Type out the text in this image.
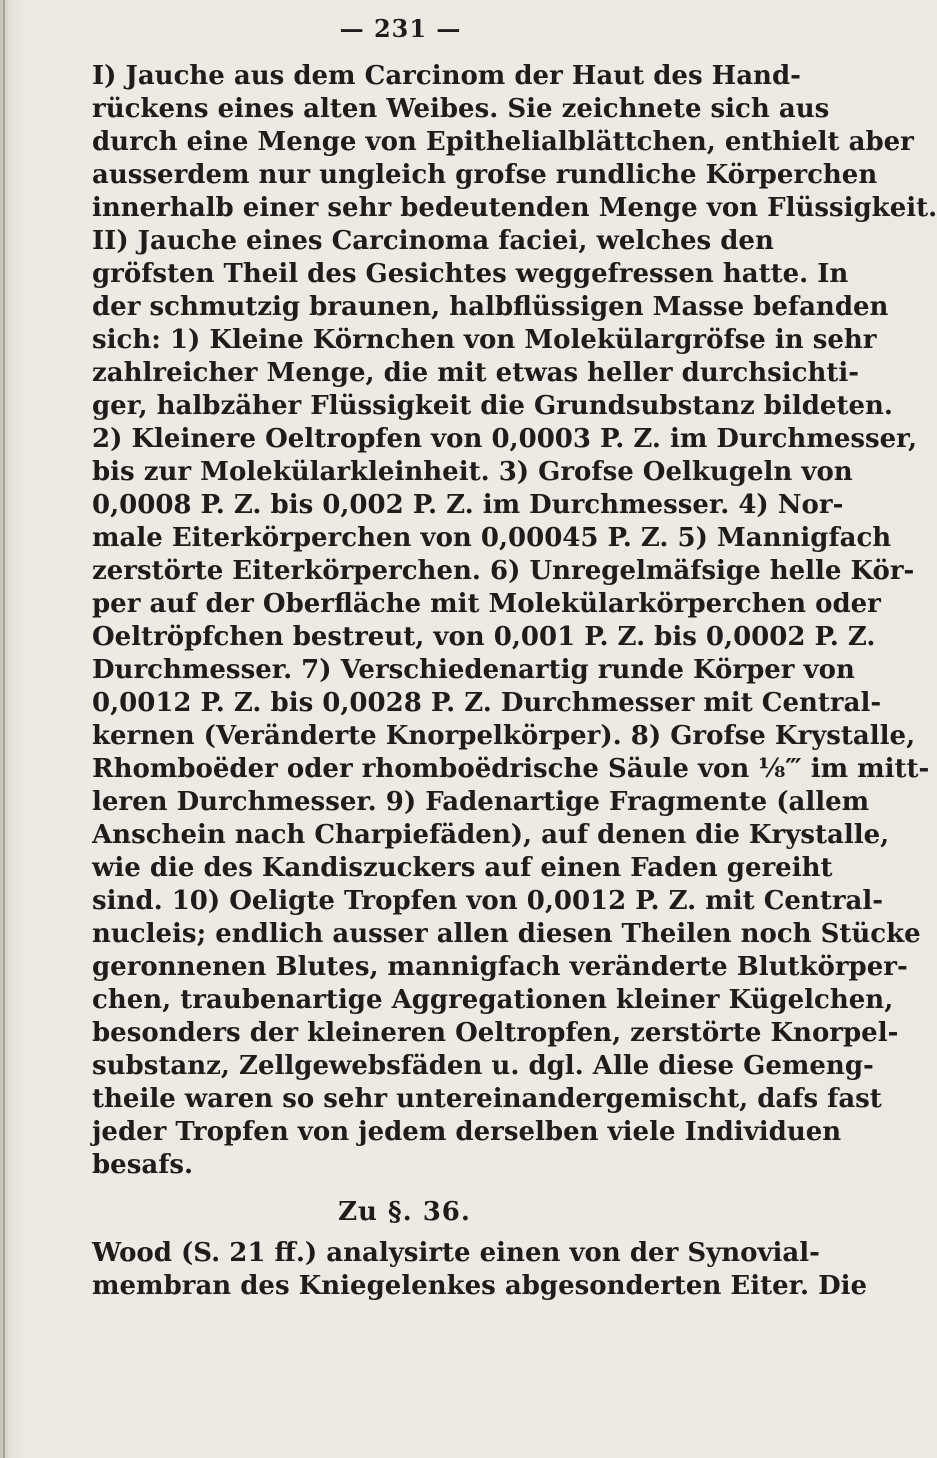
— 231 —

I) Jauche aus dem Carcinom der Haut des Hand-
rückens eines alten Weibes. Sie zeichnete sich aus
durch eine Menge von Epithelialblättchen, enthielt aber
ausserdem nur ungleich grofse rundliche Körperchen
innerhalb einer sehr bedeutenden Menge von Flüssigkeit.

II) Jauche eines Carcinoma faciei, welches den
gröfsten Theil des Gesichtes weggefressen hatte. In
der schmutzig braunen, halbflüssigen Masse befanden
sich: 1) Kleine Körnchen von Molekülargröfse in sehr
zahlreicher Menge, die mit etwas heller durchsichti-
ger, halbzäher Flüssigkeit die Grundsubstanz bildeten.
2) Kleinere Oeltropfen von 0,0003 P. Z. im Durchmesser,
bis zur Molekülarkleinheit. 3) Grofse Oelkugeln von
0,0008 P. Z. bis 0,002 P. Z. im Durchmesser. 4) Nor-
male Eiterkörperchen von 0,00045 P. Z. 5) Mannigfach
zerstörte Eiterkörperchen. 6) Unregelmäfsige helle Kör-
per auf der Oberfläche mit Molekülarkörperchen oder
Oeltröpfchen bestreut, von 0,001 P. Z. bis 0,0002 P. Z.
Durchmesser. 7) Verschiedenartig runde Körper von
0,0012 P. Z. bis 0,0028 P. Z. Durchmesser mit Central-
kernen (Veränderte Knorpelkörper). 8) Grofse Krystalle,
Rhomboëder oder rhomboëdrische Säule von ⅛‴ im mitt-
leren Durchmesser. 9) Fadenartige Fragmente (allem
Anschein nach Charpiefäden), auf denen die Krystalle,
wie die des Kandiszuckers auf einen Faden gereiht
sind. 10) Oeligte Tropfen von 0,0012 P. Z. mit Central-
nucleis; endlich ausser allen diesen Theilen noch Stücke
geronnenen Blutes, mannigfach veränderte Blutkörper-
chen, traubenartige Aggregationen kleiner Kügelchen,
besonders der kleineren Oeltropfen, zerstörte Knorpel-
substanz, Zellgewebsfäden u. dgl. Alle diese Gemeng-
theile waren so sehr untereinandergemischt, dafs fast
jeder Tropfen von jedem derselben viele Individuen
besafs.

Zu §. 36.

Wood (S. 21 ff.) analysirte einen von der Synovial-
membran des Kniegelenkes abgesonderten Eiter. Die
